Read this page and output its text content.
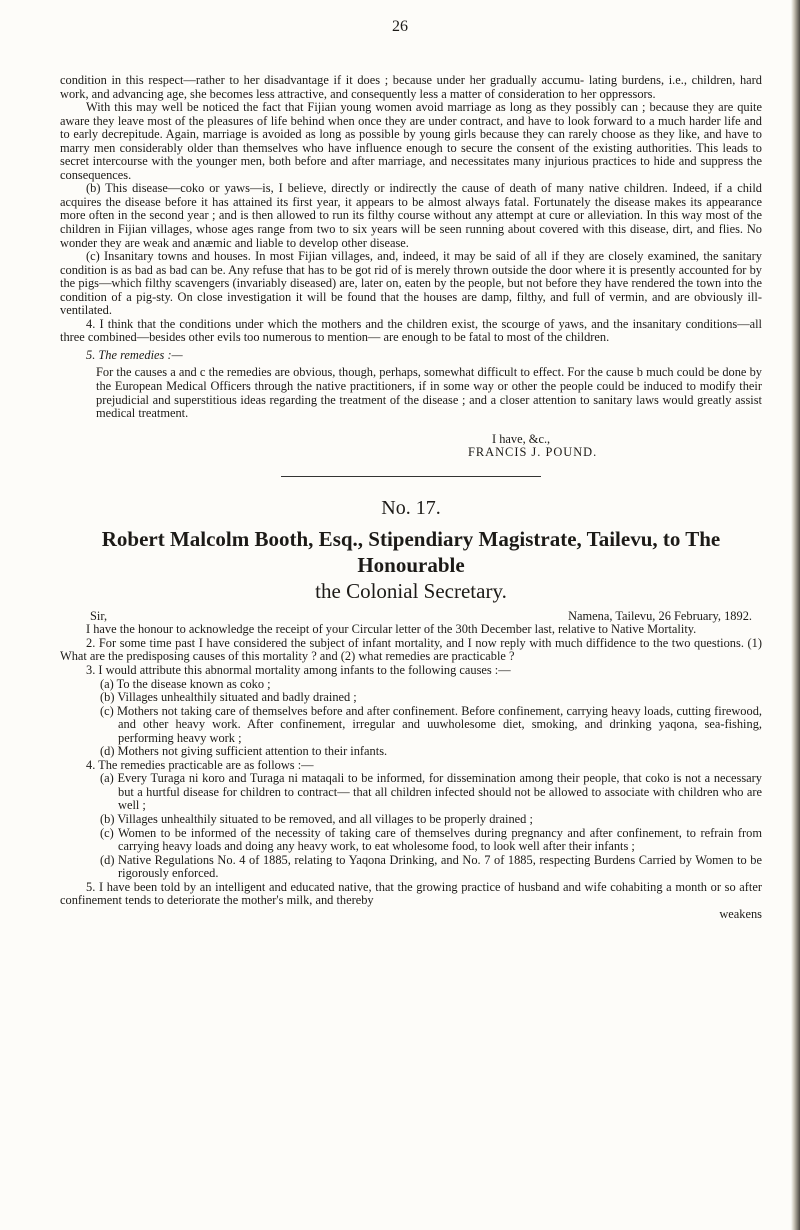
26

condition in this respect—rather to her disadvantage if it does ; because under her gradually accumu- lating burdens, i.e., children, hard work, and advancing age, she becomes less attractive, and consequently less a matter of consideration to her oppressors.

With this may well be noticed the fact that Fijian young women avoid marriage as long as they possibly can ; because they are quite aware they leave most of the pleasures of life behind when once they are under contract, and have to look forward to a much harder life and to early decrepitude. Again, marriage is avoided as long as possible by young girls because they can rarely choose as they like, and have to marry men considerably older than themselves who have influence enough to secure the consent of the existing authorities. This leads to secret intercourse with the younger men, both before and after marriage, and necessitates many injurious practices to hide and suppress the consequences.

(b) This disease—coko or yaws—is, I believe, directly or indirectly the cause of death of many native children. Indeed, if a child acquires the disease before it has attained its first year, it appears to be almost always fatal. Fortunately the disease makes its appearance more often in the second year ; and is then allowed to run its filthy course without any attempt at cure or alleviation. In this way most of the children in Fijian villages, whose ages range from two to six years will be seen running about covered with this disease, dirt, and flies. No wonder they are weak and anæmic and liable to develop other disease.

(c) Insanitary towns and houses. In most Fijian villages, and, indeed, it may be said of all if they are closely examined, the sanitary condition is as bad as bad can be. Any refuse that has to be got rid of is merely thrown outside the door where it is presently accounted for by the pigs—which filthy scavengers (invariably diseased) are, later on, eaten by the people, but not before they have rendered the town into the condition of a pig-sty. On close investigation it will be found that the houses are damp, filthy, and full of vermin, and are obviously ill-ventilated.

4. I think that the conditions under which the mothers and the children exist, the scourge of yaws, and the insanitary conditions—all three combined—besides other evils too numerous to mention— are enough to be fatal to most of the children.

5. The remedies :—

For the causes a and c the remedies are obvious, though, perhaps, somewhat difficult to effect. For the cause b much could be done by the European Medical Officers through the native practitioners, if in some way or other the people could be induced to modify their prejudicial and superstitious ideas regarding the treatment of the disease ; and a closer attention to sanitary laws would greatly assist medical treatment.

I have, &c.,

FRANCIS J. POUND.

No. 17.
Robert Malcolm Booth, Esq., Stipendiary Magistrate, Tailevu, to The Honourable
the Colonial Secretary.
Sir,	Namena, Tailevu, 26 February, 1892.

I have the honour to acknowledge the receipt of your Circular letter of the 30th December last, relative to Native Mortality.

2. For some time past I have considered the subject of infant mortality, and I now reply with much diffidence to the two questions. (1) What are the predisposing causes of this mortality ? and (2) what remedies are practicable ?

3. I would attribute this abnormal mortality among infants to the following causes :—

(a) To the disease known as coko ;

(b) Villages unhealthily situated and badly drained ;

(c) Mothers not taking care of themselves before and after confinement. Before confinement, carrying heavy loads, cutting firewood, and other heavy work. After confinement, irregular and uuwholesome diet, smoking, and drinking yaqona, sea-fishing, performing heavy work ;

(d) Mothers not giving sufficient attention to their infants.

4. The remedies practicable are as follows :—

(a) Every Turaga ni koro and Turaga ni mataqali to be informed, for dissemination among their people, that coko is not a necessary but a hurtful disease for children to contract— that all children infected should not be allowed to associate with children who are well ;

(b) Villages unhealthily situated to be removed, and all villages to be properly drained ;

(c) Women to be informed of the necessity of taking care of themselves during pregnancy and after confinement, to refrain from carrying heavy loads and doing any heavy work, to eat wholesome food, to look well after their infants ;

(d) Native Regulations No. 4 of 1885, relating to Yaqona Drinking, and No. 7 of 1885, respecting Burdens Carried by Women to be rigorously enforced.

5. I have been told by an intelligent and educated native, that the growing practice of husband and wife cohabiting a month or so after confinement tends to deteriorate the mother's milk, and thereby

weakens
